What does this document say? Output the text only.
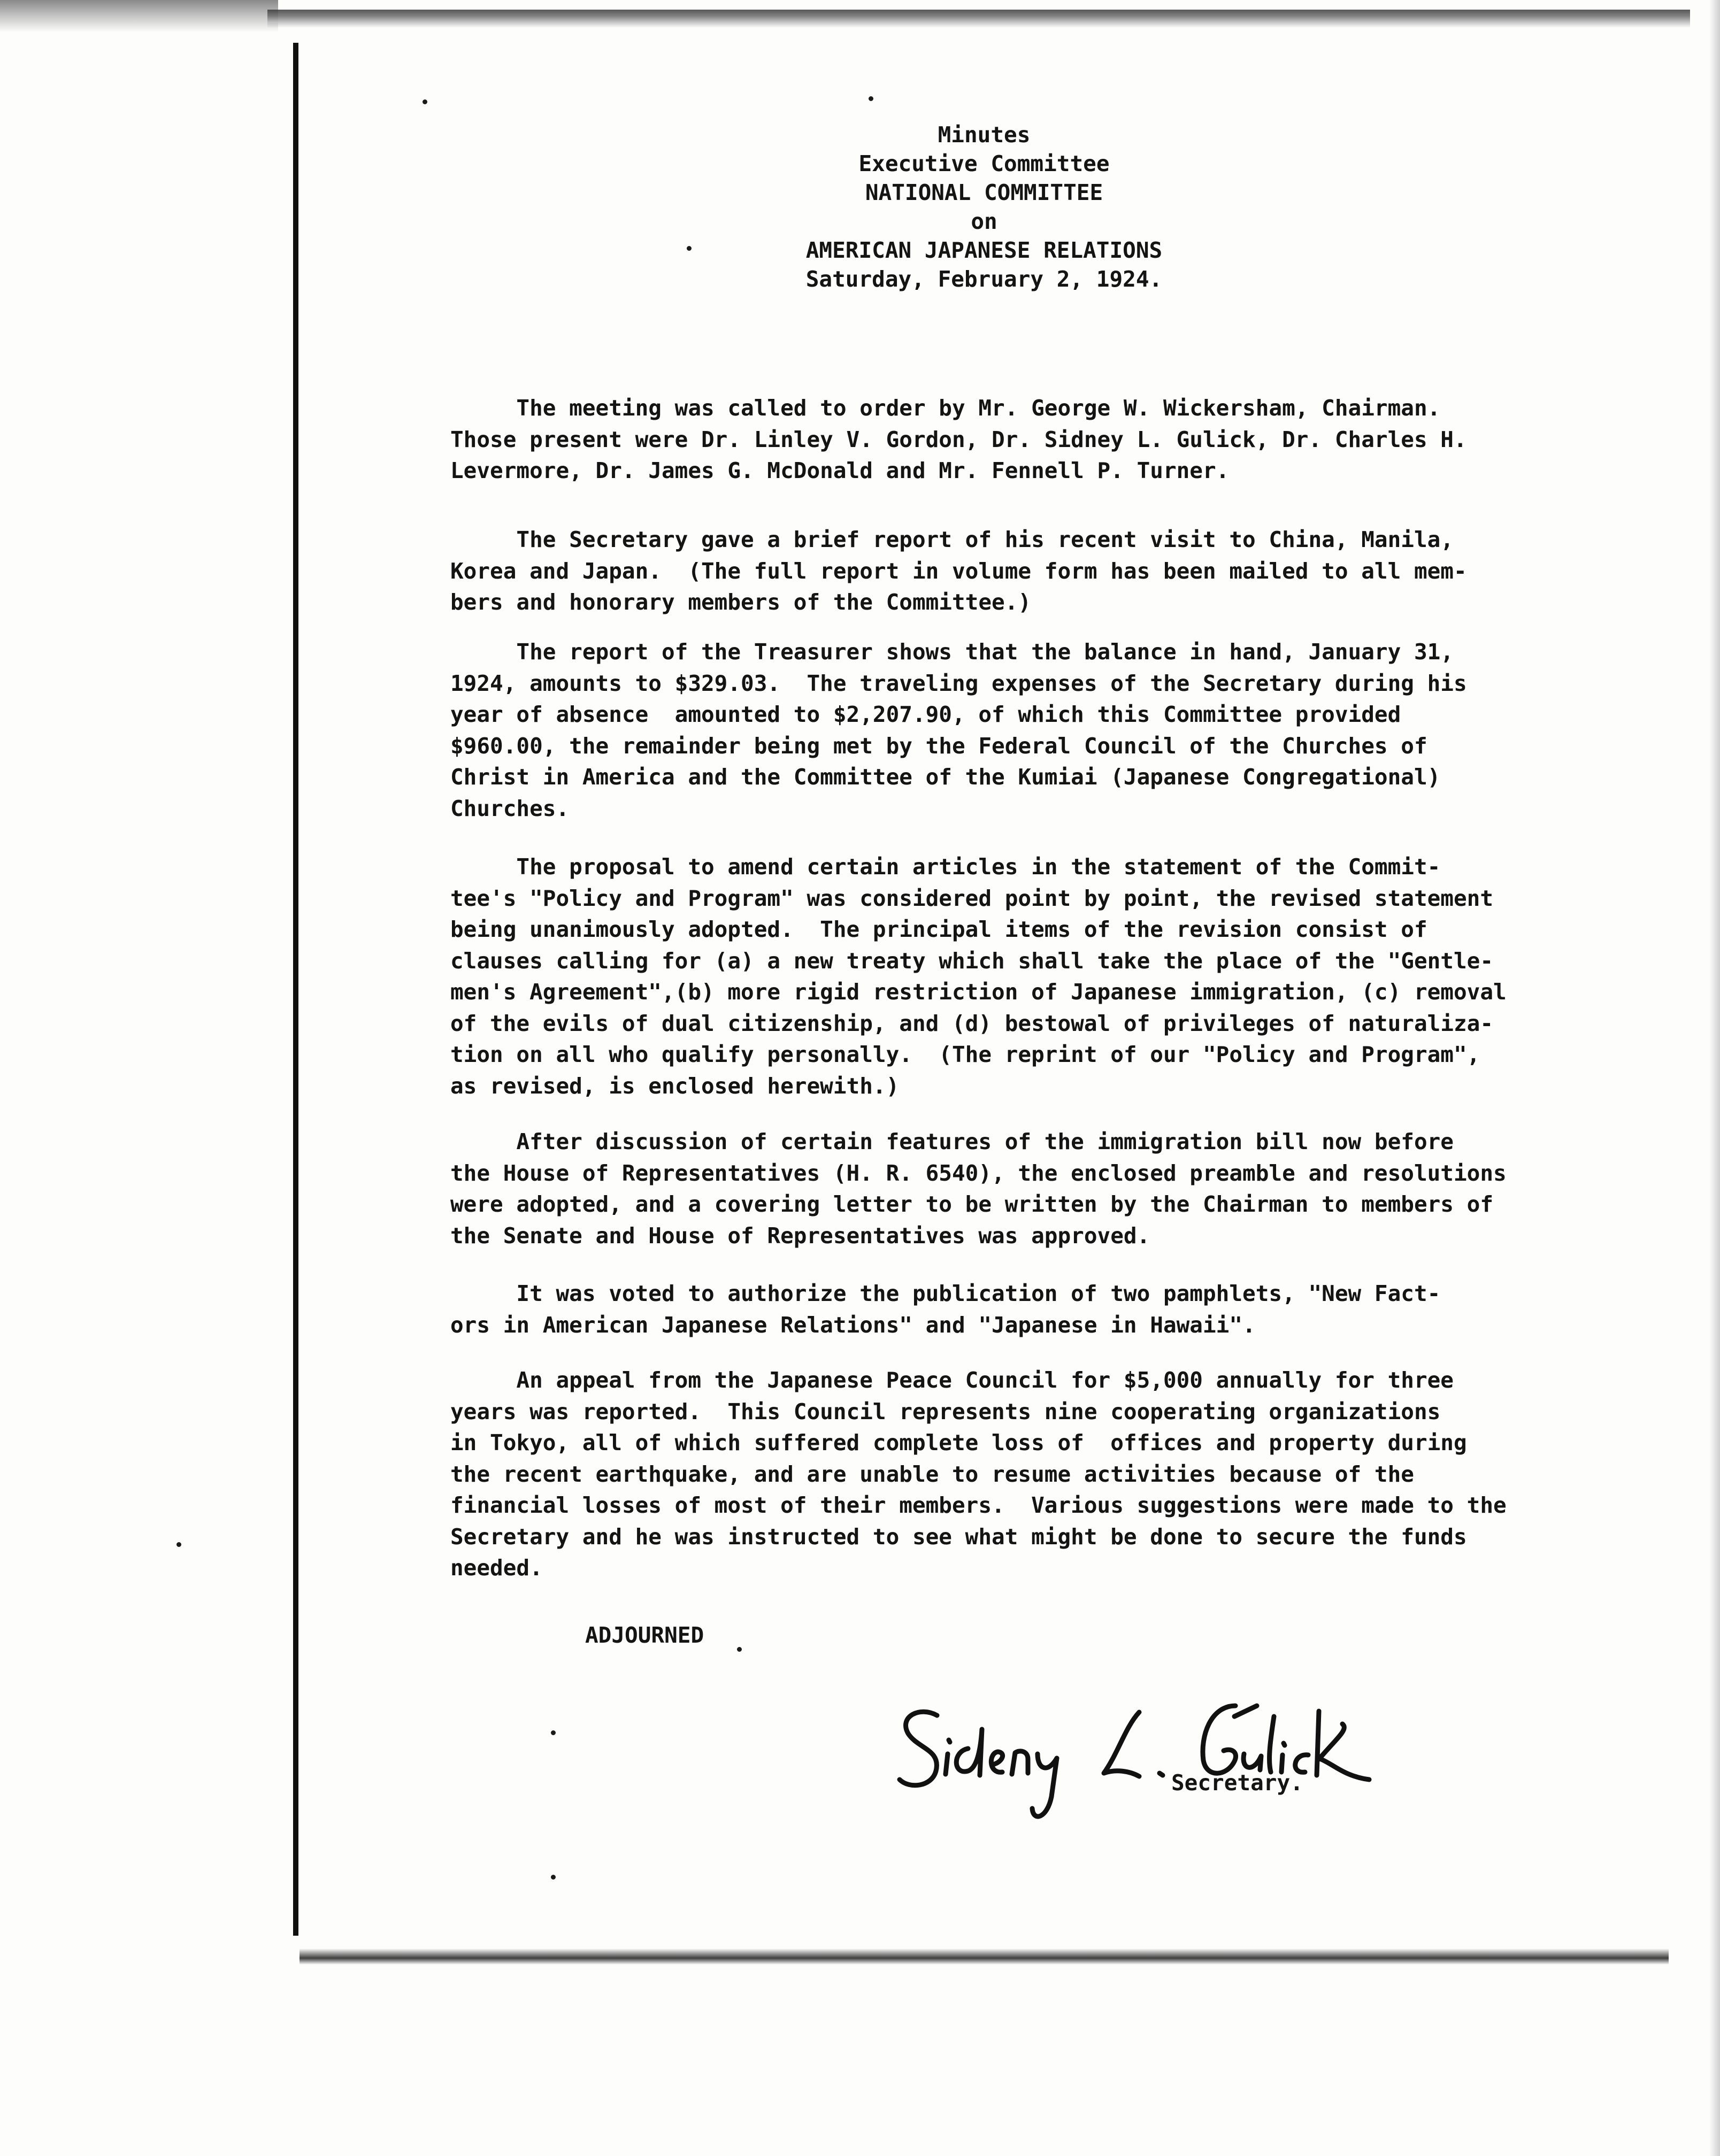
Minutes
Executive Committee
NATIONAL COMMITTEE
on
AMERICAN JAPANESE RELATIONS
Saturday, February 2, 1924.
The meeting was called to order by Mr. George W. Wickersham, Chairman.
Those present were Dr. Linley V. Gordon, Dr. Sidney L. Gulick, Dr. Charles H.
Levermore, Dr. James G. McDonald and Mr. Fennell P. Turner.
The Secretary gave a brief report of his recent visit to China, Manila,
Korea and Japan.  (The full report in volume form has been mailed to all mem-
bers and honorary members of the Committee.)
The report of the Treasurer shows that the balance in hand, January 31,
1924, amounts to $329.03.  The traveling expenses of the Secretary during his
year of absence  amounted to $2,207.90, of which this Committee provided
$960.00, the remainder being met by the Federal Council of the Churches of
Christ in America and the Committee of the Kumiai (Japanese Congregational)
Churches.
The proposal to amend certain articles in the statement of the Commit-
tee's "Policy and Program" was considered point by point, the revised statement
being unanimously adopted.  The principal items of the revision consist of
clauses calling for (a) a new treaty which shall take the place of the "Gentle-
men's Agreement",(b) more rigid restriction of Japanese immigration, (c) removal
of the evils of dual citizenship, and (d) bestowal of privileges of naturaliza-
tion on all who qualify personally.  (The reprint of our "Policy and Program",
as revised, is enclosed herewith.)
After discussion of certain features of the immigration bill now before
the House of Representatives (H. R. 6540), the enclosed preamble and resolutions
were adopted, and a covering letter to be written by the Chairman to members of
the Senate and House of Representatives was approved.
It was voted to authorize the publication of two pamphlets, "New Fact-
ors in American Japanese Relations" and "Japanese in Hawaii".
An appeal from the Japanese Peace Council for $5,000 annually for three
years was reported.  This Council represents nine cooperating organizations
in Tokyo, all of which suffered complete loss of  offices and property during
the recent earthquake, and are unable to resume activities because of the
financial losses of most of their members.  Various suggestions were made to the
Secretary and he was instructed to see what might be done to secure the funds
needed.
ADJOURNED
Secretary.
